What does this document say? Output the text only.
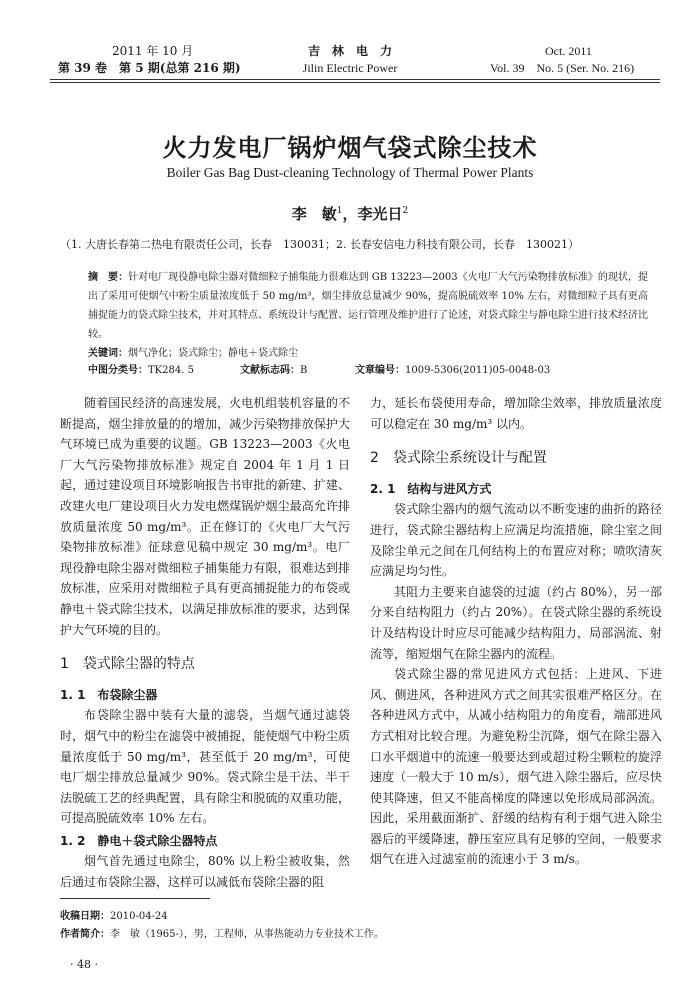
2011 年 10 月
第 39 卷　第 5 期(总第 216 期)
吉　林　电　力
Jilin Electric Power
Oct. 2011
Vol. 39　No. 5 (Ser. No. 216)
火力发电厂锅炉烟气袋式除尘技术
Boiler Gas Bag Dust-cleaning Technology of Thermal Power Plants
李　敏$^1$，李光日$^2$
（1. 大唐长春第二热电有限责任公司，长春　130031；2. 长春安信电力科技有限公司，长春　130021）
摘　要：针对电厂现役静电除尘器对微细粒子捕集能力很难达到 GB 13223—2003《火电厂大气污染物排放标准》的现状，提出了采用可使烟气中粉尘质量浓度低于 50 mg/m³，烟尘排放总量减少 90%，提高脱硫效率 10% 左右，对微细粒子具有更高捕捉能力的袋式除尘技术，并对其特点、系统设计与配置、运行管理及维护进行了论述，对袋式除尘与静电除尘进行技术经济比较。
关键词：烟气净化；袋式除尘；静电＋袋式除尘
中图分类号：TK284. 5	文献标志码：B	文章编号：1009-5306(2011)05-0048-03

随着国民经济的高速发展，火电机组装机容量的不断提高，烟尘排放量的的增加，减少污染物排放保护大气环境已成为重要的议题。GB 13223—2003《火电厂大气污染物排放标准》规定自 2004 年 1 月 1 日起，通过建设项目环境影响报告书审批的新建、扩建、改建火电厂建设项目火力发电燃煤锅炉烟尘最高允许排放质量浓度 50 mg/m³。正在修订的《火电厂大气污染物排放标准》征球意见稿中规定 30 mg/m³。电厂现役静电除尘器对微细粒子捕集能力有限，很难达到排放标准，应采用对微细粒子具有更高捕捉能力的布袋或静电＋袋式除尘技术，以满足排放标准的要求，达到保护大气环境的目的。

1　袋式除尘器的特点

1. 1　布袋除尘器

布袋除尘器中装有大量的滤袋，当烟气通过滤袋时，烟气中的粉尘在滤袋中被捕捉，能使烟气中粉尘质量浓度低于 50 mg/m³，甚至低于 20 mg/m³，可使电厂烟尘排放总量减少 90%。袋式除尘是干法、半干法脱硫工艺的经典配置，具有除尘和脱硫的双重功能，可提高脱硫效率 10% 左右。

1. 2　静电＋袋式除尘器特点

烟气首先通过电除尘，80% 以上粉尘被收集，然后通过布袋除尘器，这样可以减低布袋除尘器的阻

力，延长布袋使用寿命，增加除尘效率，排放质量浓度可以稳定在 30 mg/m³ 以内。

2　袋式除尘系统设计与配置

2. 1　结构与进风方式

袋式除尘器内的烟气流动以不断变速的曲折的路径进行，袋式除尘器结构上应满足均流措施，除尘室之间及除尘单元之间在几何结构上的布置应对称；喷吹清灰应满足均匀性。

其阻力主要来自滤袋的过滤（约占 80%），另一部分来自结构阻力（约占 20%）。在袋式除尘器的系统设计及结构设计时应尽可能减少结构阻力，局部涡流、射流等，缩短烟气在除尘器内的流程。

袋式除尘器的常见进风方式包括：上进风、下进风、侧进风，各种进风方式之间其实很难严格区分。在各种进风方式中，从减小结构阻力的角度看，端部进风方式相对比较合理。为避免粉尘沉降，烟气在除尘器入口水平烟道中的流速一般要达到或超过粉尘颗粒的旋浮速度（一般大于 10 m/s），烟气进入除尘器后，应尽快使其降速，但又不能高梯度的降速以免形成局部涡流。因此，采用截面渐扩、舒缓的结构有利于烟气进入除尘器后的平缓降速，静压室应具有足够的空间，一般要求烟气在进入过滤室前的流速小于 3 m/s。

收稿日期：2010-04-24
作者简介：李　敏（1965-），男，工程师，从事热能动力专业技术工作。
· 48 ·
